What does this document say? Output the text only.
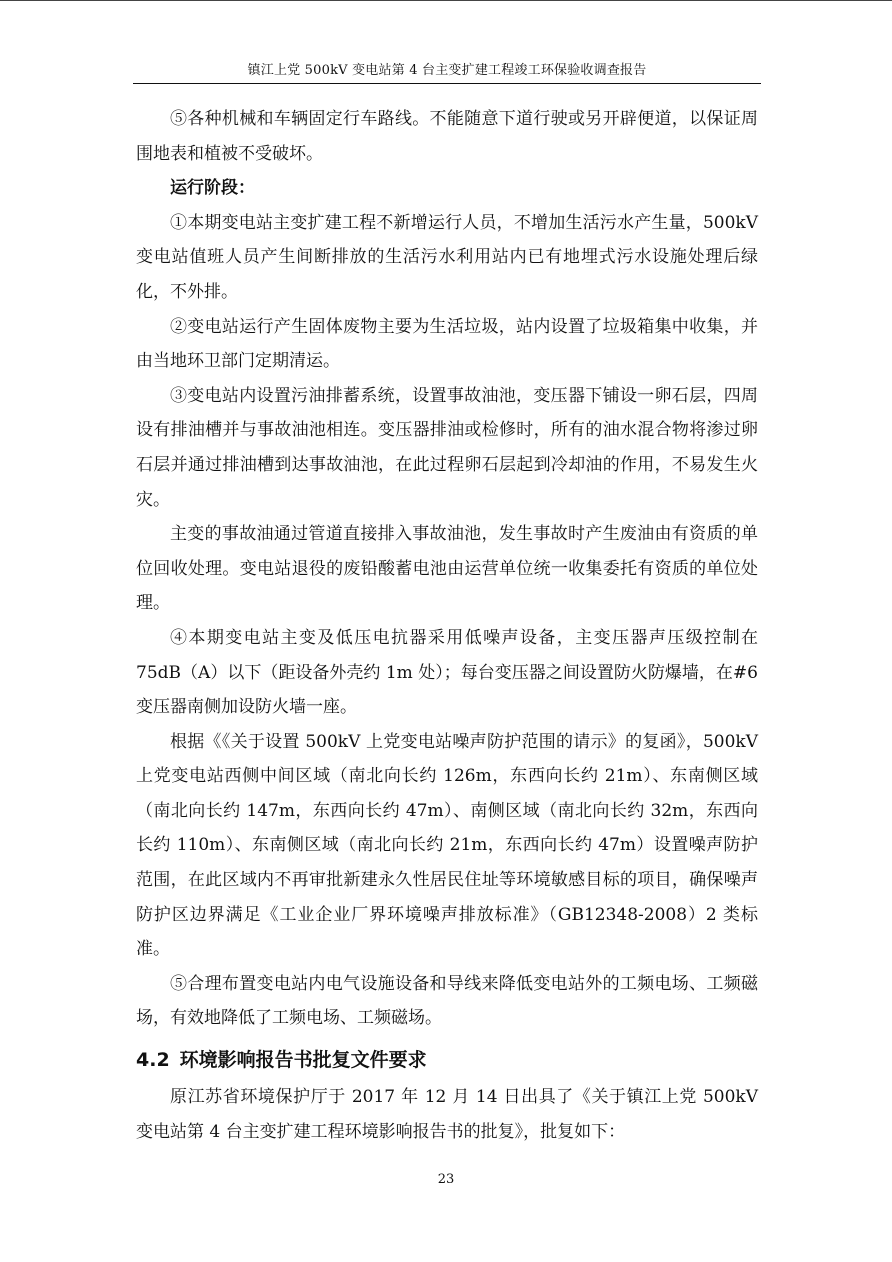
镇江上党 500kV 变电站第 4 台主变扩建工程竣工环保验收调查报告

⑤各种机械和车辆固定行车路线。不能随意下道行驶或另开辟便道，以保证周围地表和植被不受破坏。

运行阶段：

①本期变电站主变扩建工程不新增运行人员，不增加生活污水产生量，500kV 变电站值班人员产生间断排放的生活污水利用站内已有地埋式污水设施处理后绿化，不外排。

②变电站运行产生固体废物主要为生活垃圾，站内设置了垃圾箱集中收集，并由当地环卫部门定期清运。

③变电站内设置污油排蓄系统，设置事故油池，变压器下铺设一卵石层，四周设有排油槽并与事故油池相连。变压器排油或检修时，所有的油水混合物将渗过卵石层并通过排油槽到达事故油池，在此过程卵石层起到冷却油的作用，不易发生火灾。

主变的事故油通过管道直接排入事故油池，发生事故时产生废油由有资质的单位回收处理。变电站退役的废铅酸蓄电池由运营单位统一收集委托有资质的单位处理。

④本期变电站主变及低压电抗器采用低噪声设备，主变压器声压级控制在 75dB（A）以下（距设备外壳约 1m 处）；每台变压器之间设置防火防爆墙，在#6 变压器南侧加设防火墙一座。

根据《《关于设置 500kV 上党变电站噪声防护范围的请示》的复函》，500kV 上党变电站西侧中间区域（南北向长约 126m，东西向长约 21m）、东南侧区域（南北向长约 147m，东西向长约 47m）、南侧区域（南北向长约 32m，东西向长约 110m）、东南侧区域（南北向长约 21m，东西向长约 47m）设置噪声防护范围，在此区域内不再审批新建永久性居民住址等环境敏感目标的项目，确保噪声防护区边界满足《工业企业厂界环境噪声排放标准》（GB12348-2008）2 类标准。

⑤合理布置变电站内电气设施设备和导线来降低变电站外的工频电场、工频磁场，有效地降低了工频电场、工频磁场。

4.2 环境影响报告书批复文件要求

原江苏省环境保护厅于 2017 年 12 月 14 日出具了《关于镇江上党 500kV 变电站第 4 台主变扩建工程环境影响报告书的批复》，批复如下：

23
